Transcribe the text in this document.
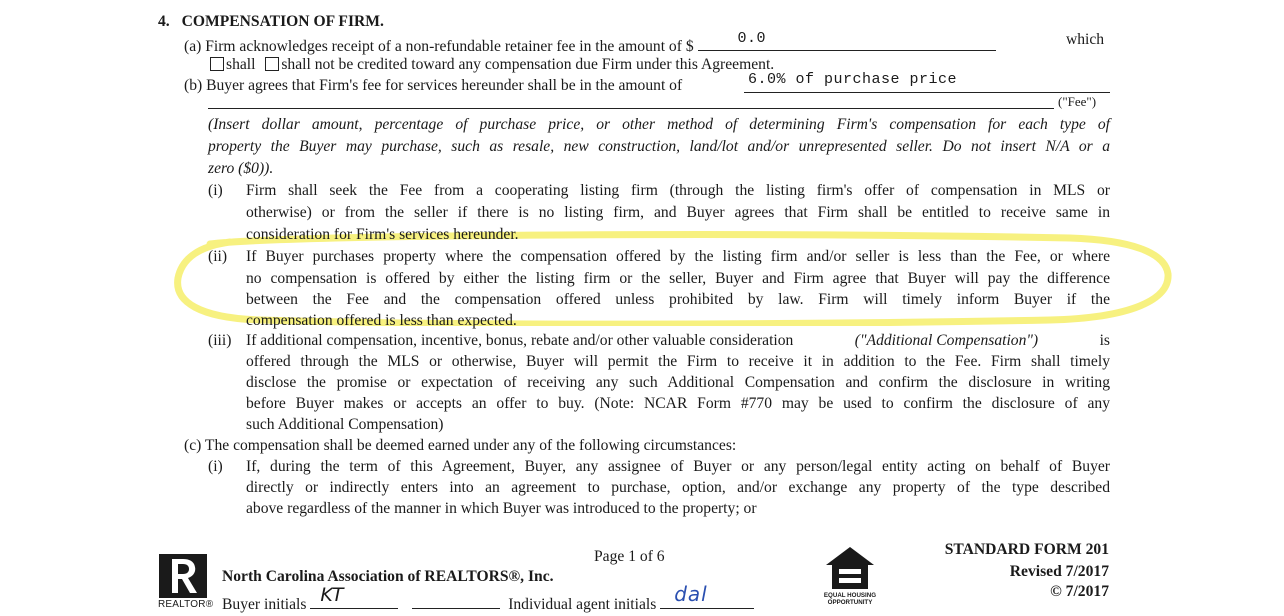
4. COMPENSATION OF FIRM.
(a) Firm acknowledges receipt of a non-refundable retainer fee in the amount of $	0.0	which
shall shall not be credited toward any compensation due Firm under this Agreement.
(b) Buyer agrees that Firm's fee for services hereunder shall be in the amount of	6.0% of purchase price
("Fee")
(Insert dollar amount, percentage of purchase price, or other method of determining Firm's compensation for each type of
property the Buyer may purchase, such as resale, new construction, land/lot and/or unrepresented seller. Do not insert N/A or a
zero ($0)).
(i) Firm shall seek the Fee from a cooperating listing firm (through the listing firm's offer of compensation in MLS or
otherwise) or from the seller if there is no listing firm, and Buyer agrees that Firm shall be entitled to receive same in
consideration for Firm's services hereunder.
(ii) If Buyer purchases property where the compensation offered by the listing firm and/or seller is less than the Fee, or where
no compensation is offered by either the listing firm or the seller, Buyer and Firm agree that Buyer will pay the difference
between the Fee and the compensation offered unless prohibited by law. Firm will timely inform Buyer if the
compensation offered is less than expected.
(iii) If additional compensation, incentive, bonus, rebate and/or other valuable consideration	("Additional Compensation")	is
offered through the MLS or otherwise, Buyer will permit the Firm to receive it in addition to the Fee. Firm shall timely
disclose the promise or expectation of receiving any such Additional Compensation and confirm the disclosure in writing
before Buyer makes or accepts an offer to buy. (Note: NCAR Form #770 may be used to confirm the disclosure of any
such Additional Compensation)
(c) The compensation shall be deemed earned under any of the following circumstances:
(i) If, during the term of this Agreement, Buyer, any assignee of Buyer or any person/legal entity acting on behalf of Buyer
directly or indirectly enters into an agreement to purchase, option, and/or exchange any property of the type described
above regardless of the manner in which Buyer was introduced to the property; or
Page 1 of 6
REALTOR®
North Carolina Association of REALTORS®, Inc.
Buyer initials KT	Individual agent initials dal	EQUAL HOUSING
OPPORTUNITY
STANDARD FORM 201
Revised 7/2017
© 7/2017
